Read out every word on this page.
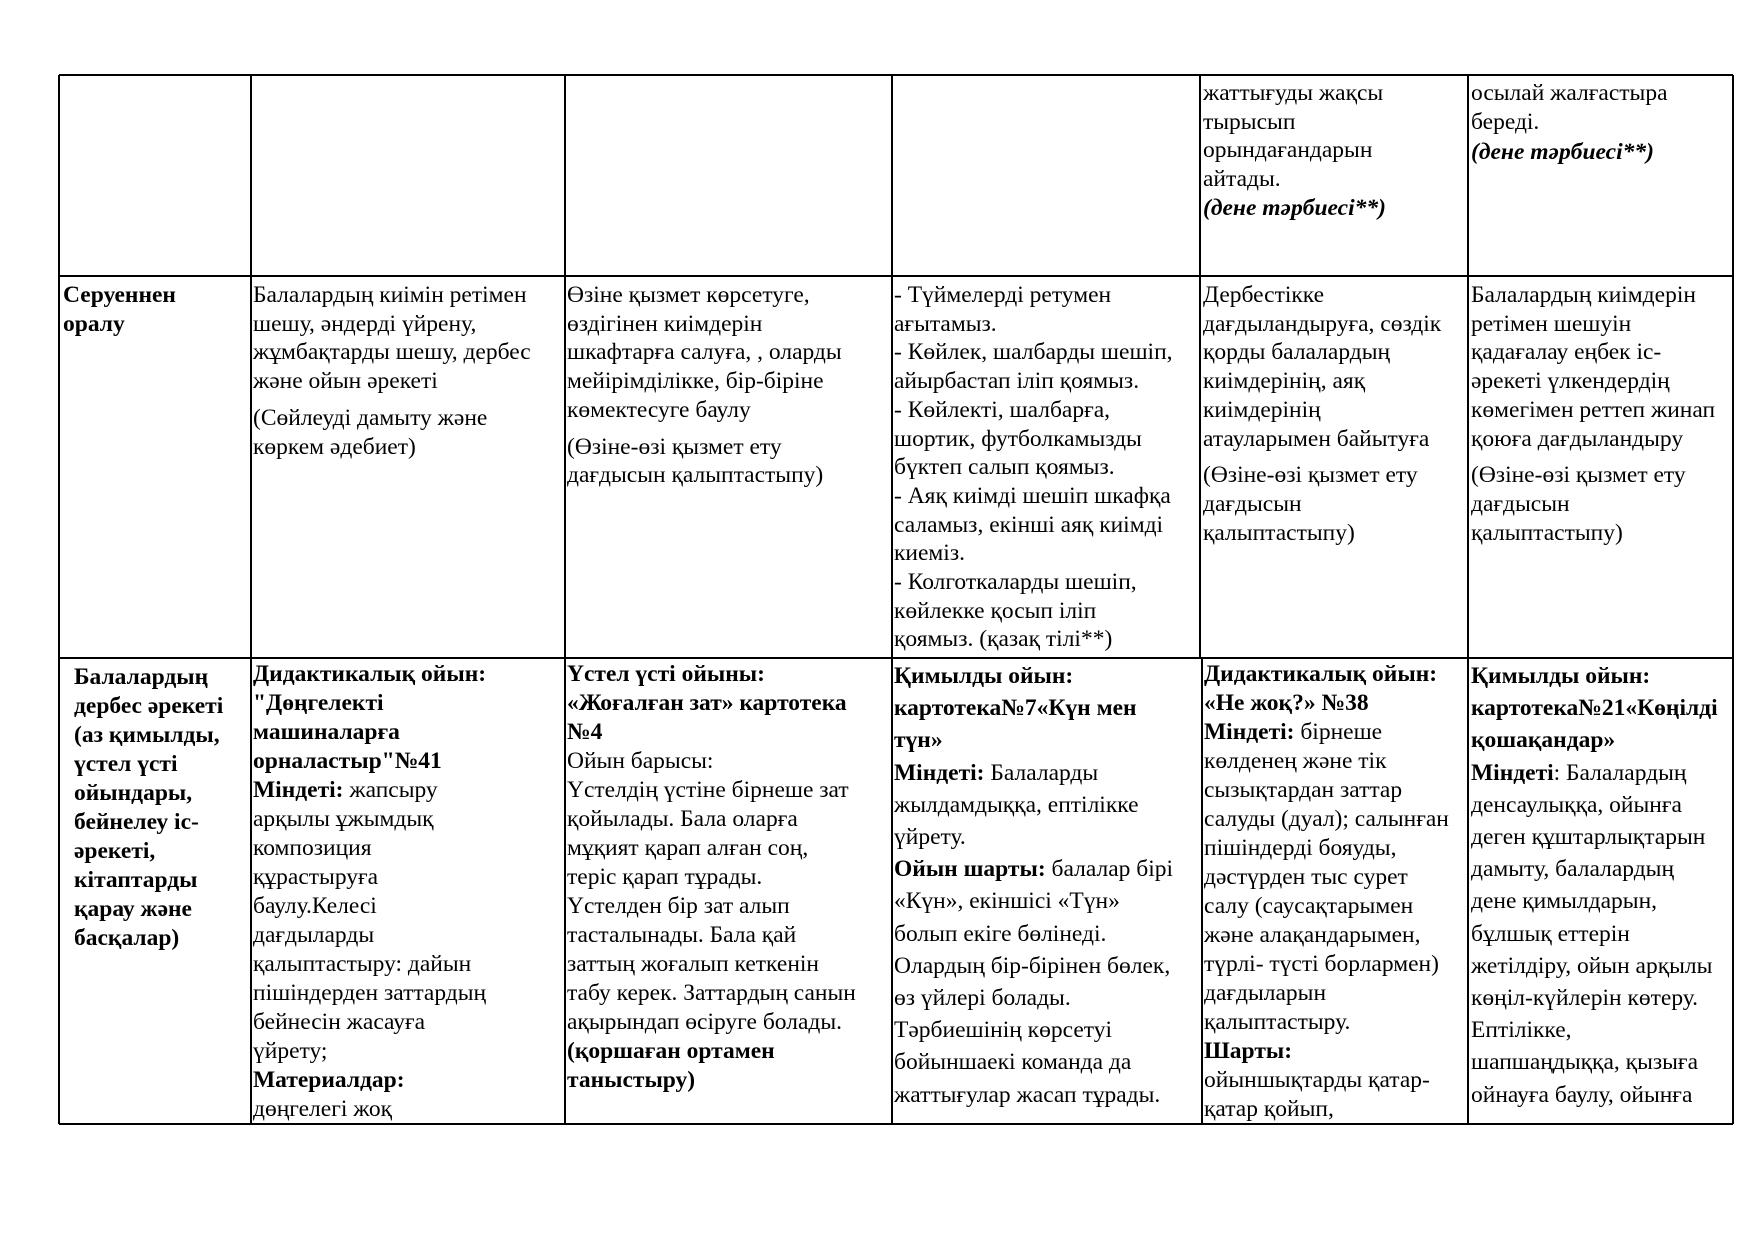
жаттығуды жақсы
тырысып
орындағандарын
айтады.
(дене тәрбиесі**)
осылай жалғастыра
береді.
(дене тәрбиесі**)
Серуеннен
оралу
Балалардың киімін ретімен
шешу, әндерді үйрену,
жұмбақтарды шешу, дербес
және ойын әрекеті
(Сөйлеуді дамыту және
көркем әдебиет)
Өзіне қызмет көрсетуге,
өздігінен киімдерін
шкафтарға салуға, , оларды
мейірімділікке, бір-біріне
көмектесуге баулу
(Өзіне-өзі қызмет ету
дағдысын қалыптастыпу)
- Түймелерді ретумен
ағытамыз.
- Көйлек, шалбарды шешіп,
айырбастап іліп қоямыз.
- Көйлекті, шалбарға,
шортик, футболкамызды
бүктеп салып қоямыз.
- Аяқ киімді шешіп шкафқа
саламыз, екінші аяқ киімді
киеміз.
- Колготкаларды шешіп,
көйлекке қосып іліп
қоямыз. (қазақ тілі**)
Дербестікке
дағдыландыруға, сөздік
қорды балалардың
киімдерінің, аяқ
киімдерінің
атауларымен байытуға
(Өзіне-өзі қызмет ету
дағдысын
қалыптастыпу)
Балалардың киімдерін
ретімен шешуін
қадағалау еңбек іс-
әрекеті үлкендердің
көмегімен реттеп жинап
қоюға дағдыландыру
(Өзіне-өзі қызмет ету
дағдысын
қалыптастыпу)
Балалардың
дербес әрекеті
(аз қимылды,
үстел үсті
ойындары,
бейнелеу іс-
әрекеті,
кітаптарды
қарау және
басқалар)
Дидактикалық ойын:
"Дөңгелекті
машиналарға
орналастыр"№41
Міндеті: жапсыру
арқылы ұжымдық
композиция
құрастыруға
баулу.Келесі
дағдыларды
қалыптастыру: дайын
пішіндерден заттардың
бейнесін жасауға
үйрету;
Материалдар:
дөңгелегі жоқ
Үстел үсті ойыны:
«Жоғалған зат» картотека
№4
Ойын барысы:
Үстелдің үстіне бірнеше зат
қойылады. Бала оларға
мұқият қарап алған соң,
теріс қарап тұрады.
Үстелден бір зат алып
тасталынады. Бала қай
заттың жоғалып кеткенін
табу керек. Заттардың санын
ақырындап өсіруге болады.
(қоршаған ортамен
таныстыру)
Қимылды ойын:
картотека№7«Күн мен
түн»
Міндеті: Балаларды
жылдамдыққа, ептілікке
үйрету.
Ойын шарты: балалар бірі
«Күн», екіншісі «Түн»
болып екіге бөлінеді.
Олардың бір-бірінен бөлек,
өз үйлері болады.
Тәрбиешінің көрсетуі
бойыншаекі команда да
жаттығулар жасап тұрады.
Дидактикалық ойын:
«Не жоқ?» №38
Міндеті: бірнеше
көлденең және тік
сызықтардан заттар
салуды (дуал); салынған
пішіндерді бояуды,
дәстүрден тыс сурет
салу (саусақтарымен
және алақандарымен,
түрлі- түсті борлармен)
дағдыларын
қалыптастыру.
Шарты:
ойыншықтарды қатар-
қатар қойып,
Қимылды ойын:
картотека№21«Көңілді
қошақандар»
Міндеті: Балалардың
денсаулыққа, ойынға
деген құштарлықтарын
дамыту, балалардың
дене қимылдарын,
бұлшық еттерін
жетілдіру, ойын арқылы
көңіл-күйлерін көтеру.
Ептілікке,
шапшаңдыққа, қызыға
ойнауға баулу, ойынға
